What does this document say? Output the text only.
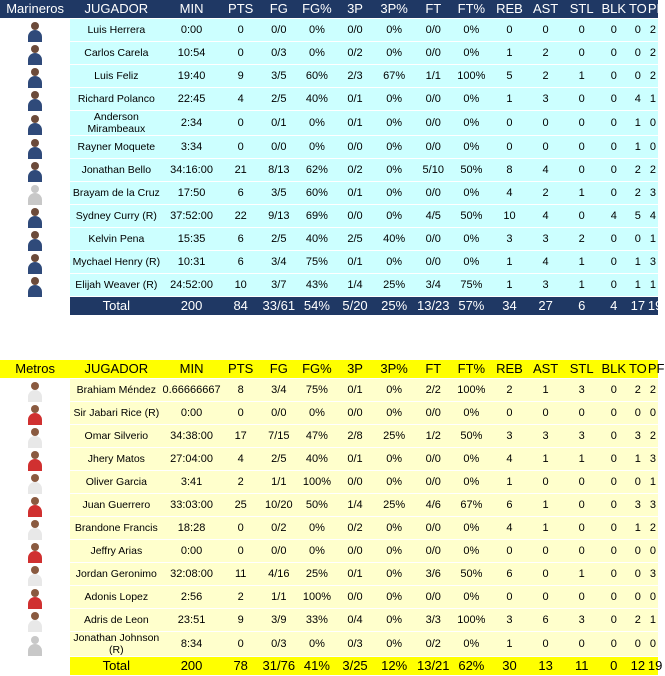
Marineros	JUGADOR	MIN	PTS	FG	FG%	3P	3P%	FT	FT%	REB	AST	STL	BLK	TO	PF

	Luis Herrera	0:00	0	0/0	0%	0/0	0%	0/0	0%	0	0	0	0	0	2

	Carlos Carela	10:54	0	0/3	0%	0/2	0%	0/0	0%	1	2	0	0	0	2

	Luis Feliz	19:40	9	3/5	60%	2/3	67%	1/1	100%	5	2	1	0	0	2

	Richard Polanco	22:45	4	2/5	40%	0/1	0%	0/0	0%	1	3	0	0	4	1

	Anderson Mirambeaux	2:34	0	0/1	0%	0/1	0%	0/0	0%	0	0	0	0	1	0

	Rayner Moquete	3:34	0	0/0	0%	0/0	0%	0/0	0%	0	0	0	0	1	0

	Jonathan Bello	34:16:00	21	8/13	62%	0/2	0%	5/10	50%	8	4	0	0	2	2

	Brayam de la Cruz	17:50	6	3/5	60%	0/1	0%	0/0	0%	4	2	1	0	2	3

	Sydney Curry (R)	37:52:00	22	9/13	69%	0/0	0%	4/5	50%	10	4	0	4	5	4

	Kelvin Pena	15:35	6	2/5	40%	2/5	40%	0/0	0%	3	3	2	0	0	1

	Mychael Henry (R)	10:31	6	3/4	75%	0/1	0%	0/0	0%	1	4	1	0	1	3

	Elijah Weaver (R)	24:52:00	10	3/7	43%	1/4	25%	3/4	75%	1	3	1	0	1	1
	Total	200	84	33/61	54%	5/20	25%	13/23	57%	34	27	6	4	17	19
Metros	JUGADOR	MIN	PTS	FG	FG%	3P	3P%	FT	FT%	REB	AST	STL	BLK	TO	PF

	Brahiam Méndez	0.66666667	8	3/4	75%	0/1	0%	2/2	100%	2	1	3	0	2	2

	Sir Jabari Rice (R)	0:00	0	0/0	0%	0/0	0%	0/0	0%	0	0	0	0	0	0

	Omar Silverio	34:38:00	17	7/15	47%	2/8	25%	1/2	50%	3	3	3	0	3	2

	Jhery Matos	27:04:00	4	2/5	40%	0/1	0%	0/0	0%	4	1	1	0	1	3

	Oliver Garcia	3:41	2	1/1	100%	0/0	0%	0/0	0%	1	0	0	0	0	1

	Juan Guerrero	33:03:00	25	10/20	50%	1/4	25%	4/6	67%	6	1	0	0	3	3

	Brandone Francis	18:28	0	0/2	0%	0/2	0%	0/0	0%	4	1	0	0	1	2

	Jeffry Arias	0:00	0	0/0	0%	0/0	0%	0/0	0%	0	0	0	0	0	0

	Jordan Geronimo	32:08:00	11	4/16	25%	0/1	0%	3/6	50%	6	0	1	0	0	3

	Adonis Lopez	2:56	2	1/1	100%	0/0	0%	0/0	0%	0	0	0	0	0	0

	Adris de Leon	23:51	9	3/9	33%	0/4	0%	3/3	100%	3	6	3	0	2	1

	Jonathan Johnson (R)	8:34	0	0/3	0%	0/3	0%	0/2	0%	1	0	0	0	0	0
	Total	200	78	31/76	41%	3/25	12%	13/21	62%	30	13	11	0	12	19
